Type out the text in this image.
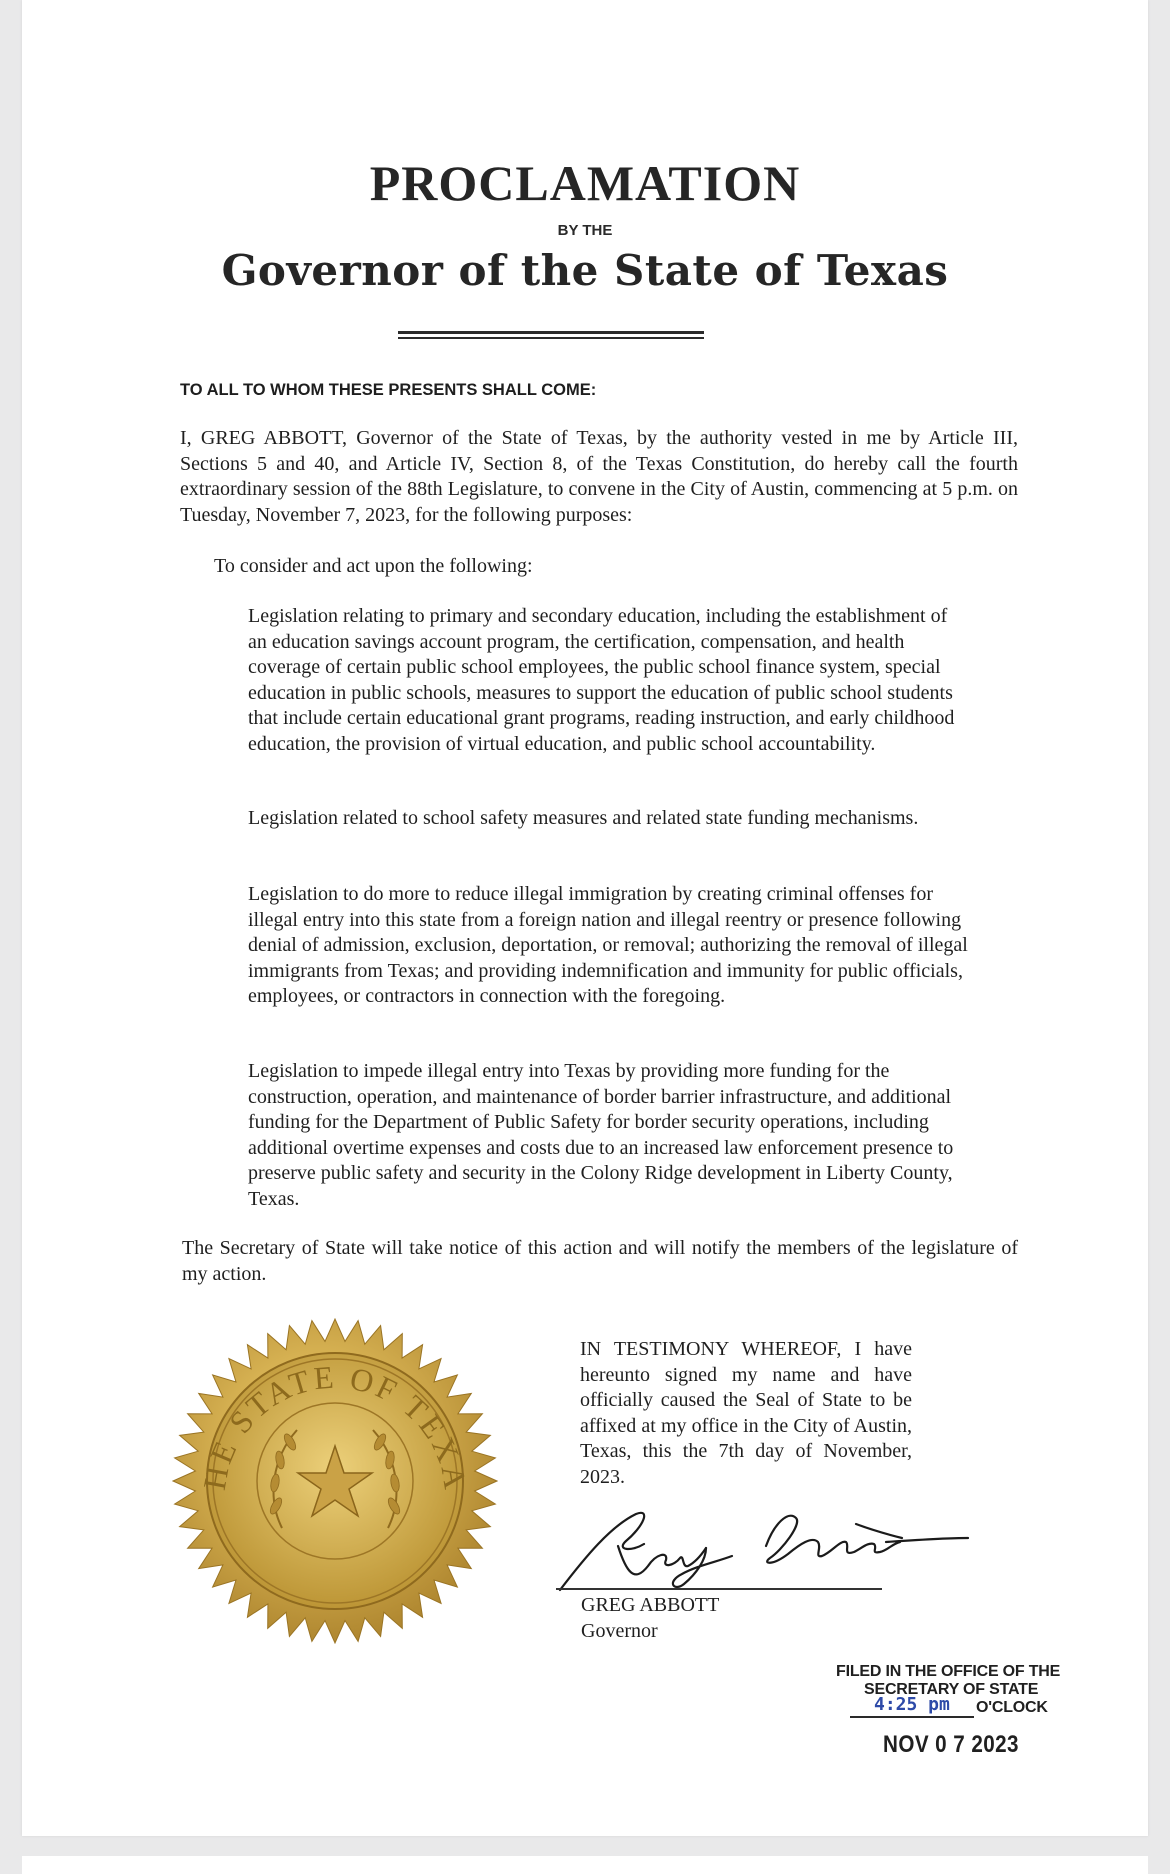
PROCLAMATION
BY THE
Governor of the State of Texas
TO ALL TO WHOM THESE PRESENTS SHALL COME:
I, GREG ABBOTT, Governor of the State of Texas, by the authority vested in me by Article III, Sections 5 and 40, and Article IV, Section 8, of the Texas Constitution, do hereby call the fourth extraordinary session of the 88th Legislature, to convene in the City of Austin, commencing at 5 p.m. on Tuesday, November 7, 2023, for the following purposes:
To consider and act upon the following:
Legislation relating to primary and secondary education, including the establishment of an education savings account program, the certification, compensation, and health coverage of certain public school employees, the public school finance system, special education in public schools, measures to support the education of public school students that include certain educational grant programs, reading instruction, and early childhood education, the provision of virtual education, and public school accountability.
Legislation related to school safety measures and related state funding mechanisms.
Legislation to do more to reduce illegal immigration by creating criminal offenses for illegal entry into this state from a foreign nation and illegal reentry or presence following denial of admission, exclusion, deportation, or removal; authorizing the removal of illegal immigrants from Texas; and providing indemnification and immunity for public officials, employees, or contractors in connection with the foregoing.
Legislation to impede illegal entry into Texas by providing more funding for the construction, operation, and maintenance of border barrier infrastructure, and additional funding for the Department of Public Safety for border security operations, including additional overtime expenses and costs due to an increased law enforcement presence to preserve public safety and security in the Colony Ridge development in Liberty County, Texas.
The Secretary of State will take notice of this action and will notify the members of the legislature of my action.
HE STATE OF TEXA
IN TESTIMONY WHEREOF, I have hereunto signed my name and have officially caused the Seal of State to be affixed at my office in the City of Austin, Texas, this the 7th day of November, 2023.
GREG ABBOTT
Governor
FILED IN THE OFFICE OF THE
SECRETARY OF STATE
4:25 pm O'CLOCK
NOV 0 7 2023
